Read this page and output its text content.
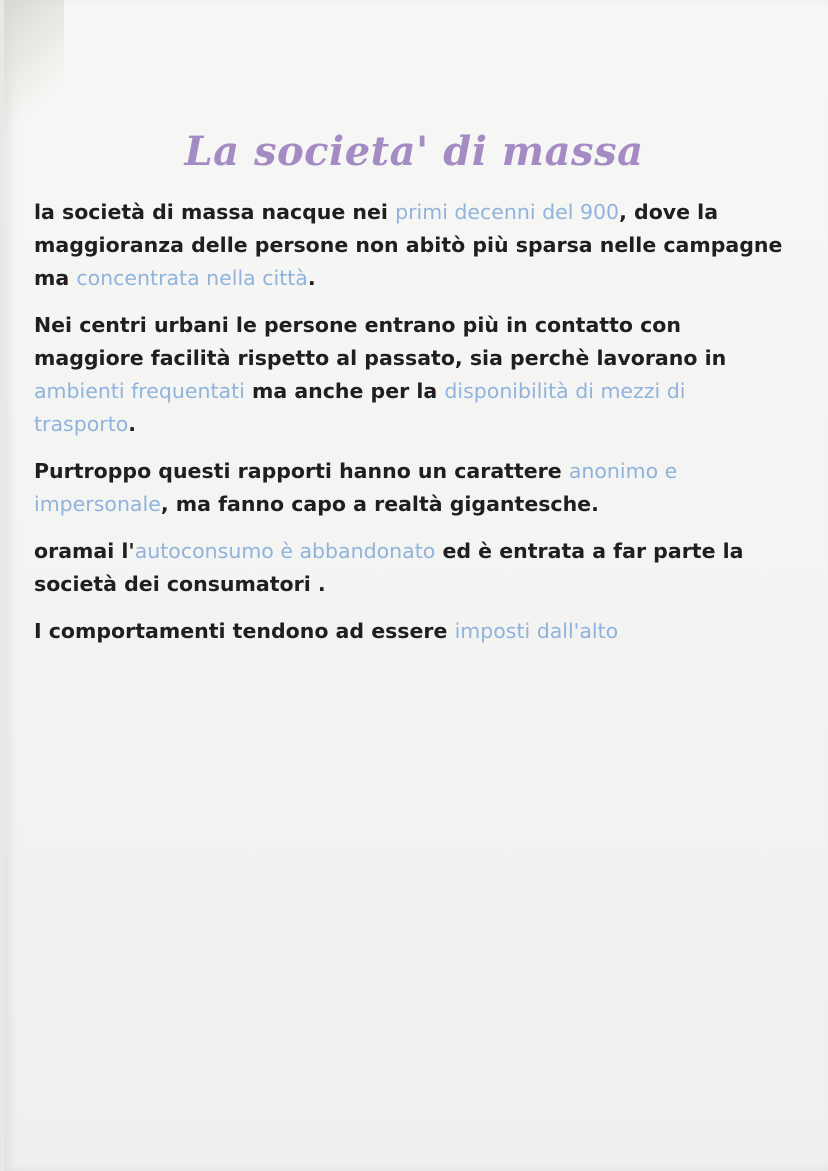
La societa' di massa

la società di massa nacque nei primi decenni del 900, dove la maggioranza delle persone non abitò più sparsa nelle campagne ma concentrata nella città.

Nei centri urbani le persone entrano più in contatto con maggiore facilità rispetto al passato, sia perchè lavorano in ambienti frequentati ma anche per la disponibilità di mezzi di trasporto.

Purtroppo questi rapporti hanno un carattere anonimo e impersonale, ma fanno capo a realtà gigantesche.

oramai l'autoconsumo è abbandonato ed è entrata a far parte la società dei consumatori .

I comportamenti tendono ad essere imposti dall'alto
